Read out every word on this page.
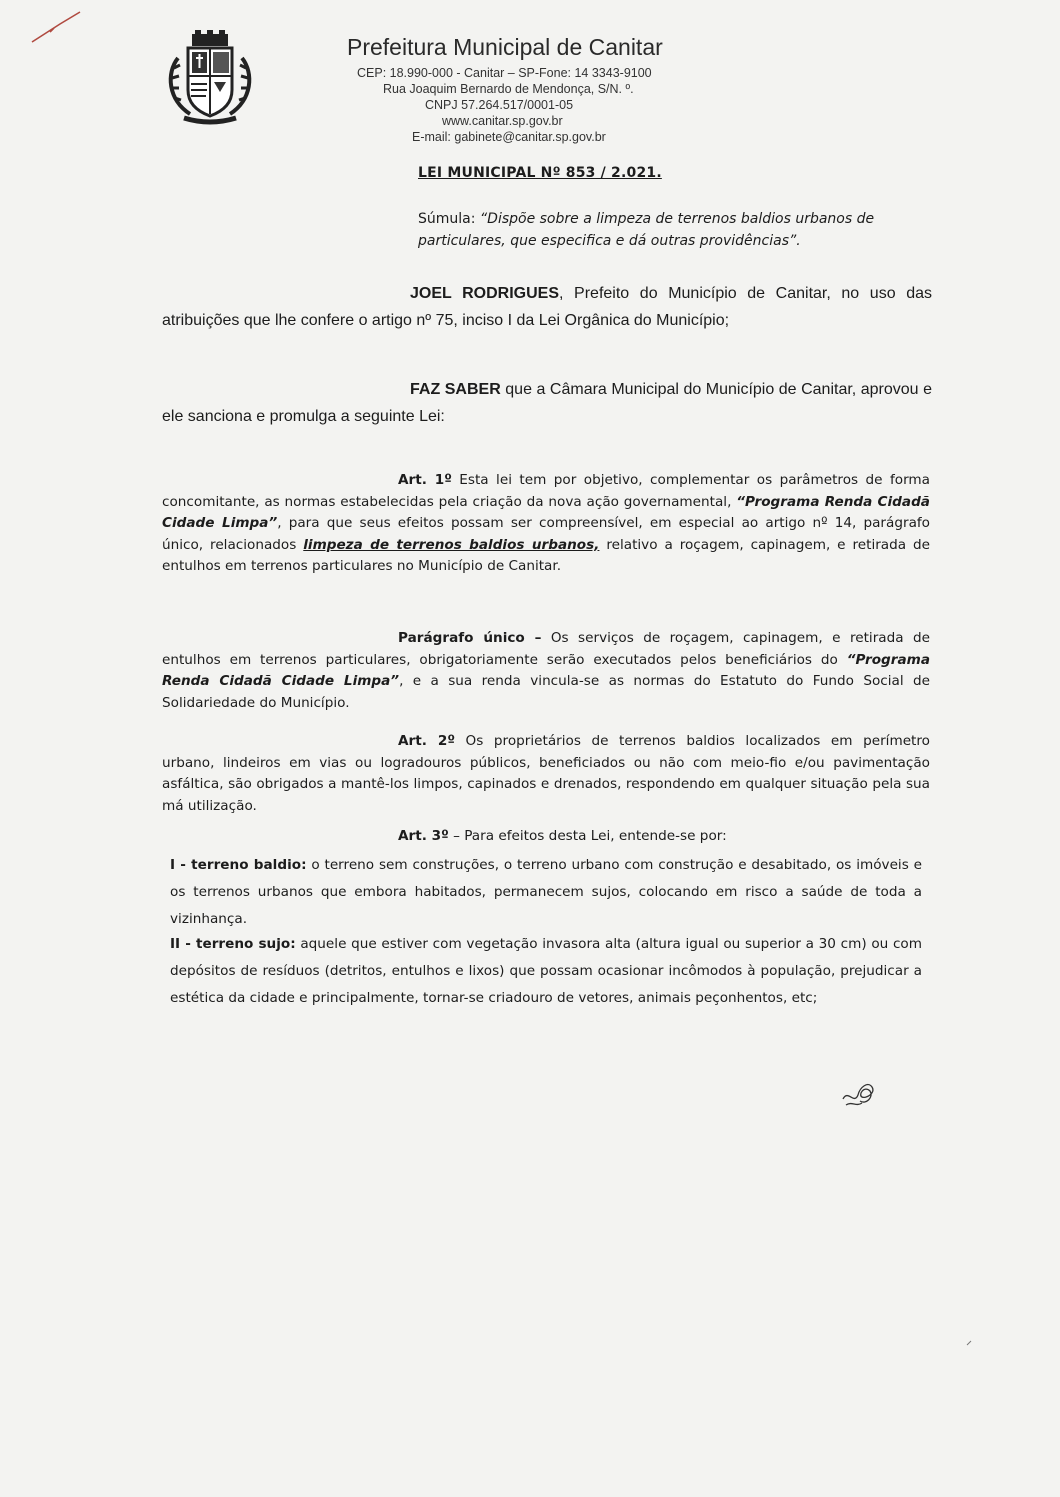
Prefeitura Municipal de Canitar
CEP: 18.990-000 - Canitar – SP-Fone: 14 3343-9100
Rua Joaquim Bernardo de Mendonça, S/N. º.
CNPJ 57.264.517/0001-05
www.canitar.sp.gov.br
E-mail: gabinete@canitar.sp.gov.br
LEI MUNICIPAL Nº 853 / 2.021.
Súmula: “Dispõe sobre a limpeza de terrenos baldios urbanos de particulares, que especifica e dá outras providências”.
JOEL RODRIGUES, Prefeito do Município de Canitar, no uso das atribuições que lhe confere o artigo nº 75, inciso I da Lei Orgânica do Município;
FAZ SABER que a Câmara Municipal do Município de Canitar, aprovou e ele sanciona e promulga a seguinte Lei:
Art. 1º Esta lei tem por objetivo, complementar os parâmetros de forma concomitante, as normas estabelecidas pela criação da nova ação governamental, “Programa Renda Cidadã Cidade Limpa”, para que seus efeitos possam ser compreensível, em especial ao artigo nº 14, parágrafo único, relacionados limpeza de terrenos baldios urbanos, relativo a roçagem, capinagem, e retirada de entulhos em terrenos particulares no Município de Canitar.
Parágrafo único – Os serviços de roçagem, capinagem, e retirada de entulhos em terrenos particulares, obrigatoriamente serão executados pelos beneficiários do “Programa Renda Cidadã Cidade Limpa”, e a sua renda vincula-se as normas do Estatuto do Fundo Social de Solidariedade do Município.
Art. 2º Os proprietários de terrenos baldios localizados em perímetro urbano, lindeiros em vias ou logradouros públicos, beneficiados ou não com meio-fio e/ou pavimentação asfáltica, são obrigados a mantê-los limpos, capinados e drenados, respondendo em qualquer situação pela sua má utilização.
Art. 3º – Para efeitos desta Lei, entende-se por:
I - terreno baldio: o terreno sem construções, o terreno urbano com construção e desabitado, os imóveis e os terrenos urbanos que embora habitados, permanecem sujos, colocando em risco a saúde de toda a vizinhança.
II - terreno sujo: aquele que estiver com vegetação invasora alta (altura igual ou superior a 30 cm) ou com depósitos de resíduos (detritos, entulhos e lixos) que possam ocasionar incômodos à população, prejudicar a estética da cidade e principalmente, tornar-se criadouro de vetores, animais peçonhentos, etc;
